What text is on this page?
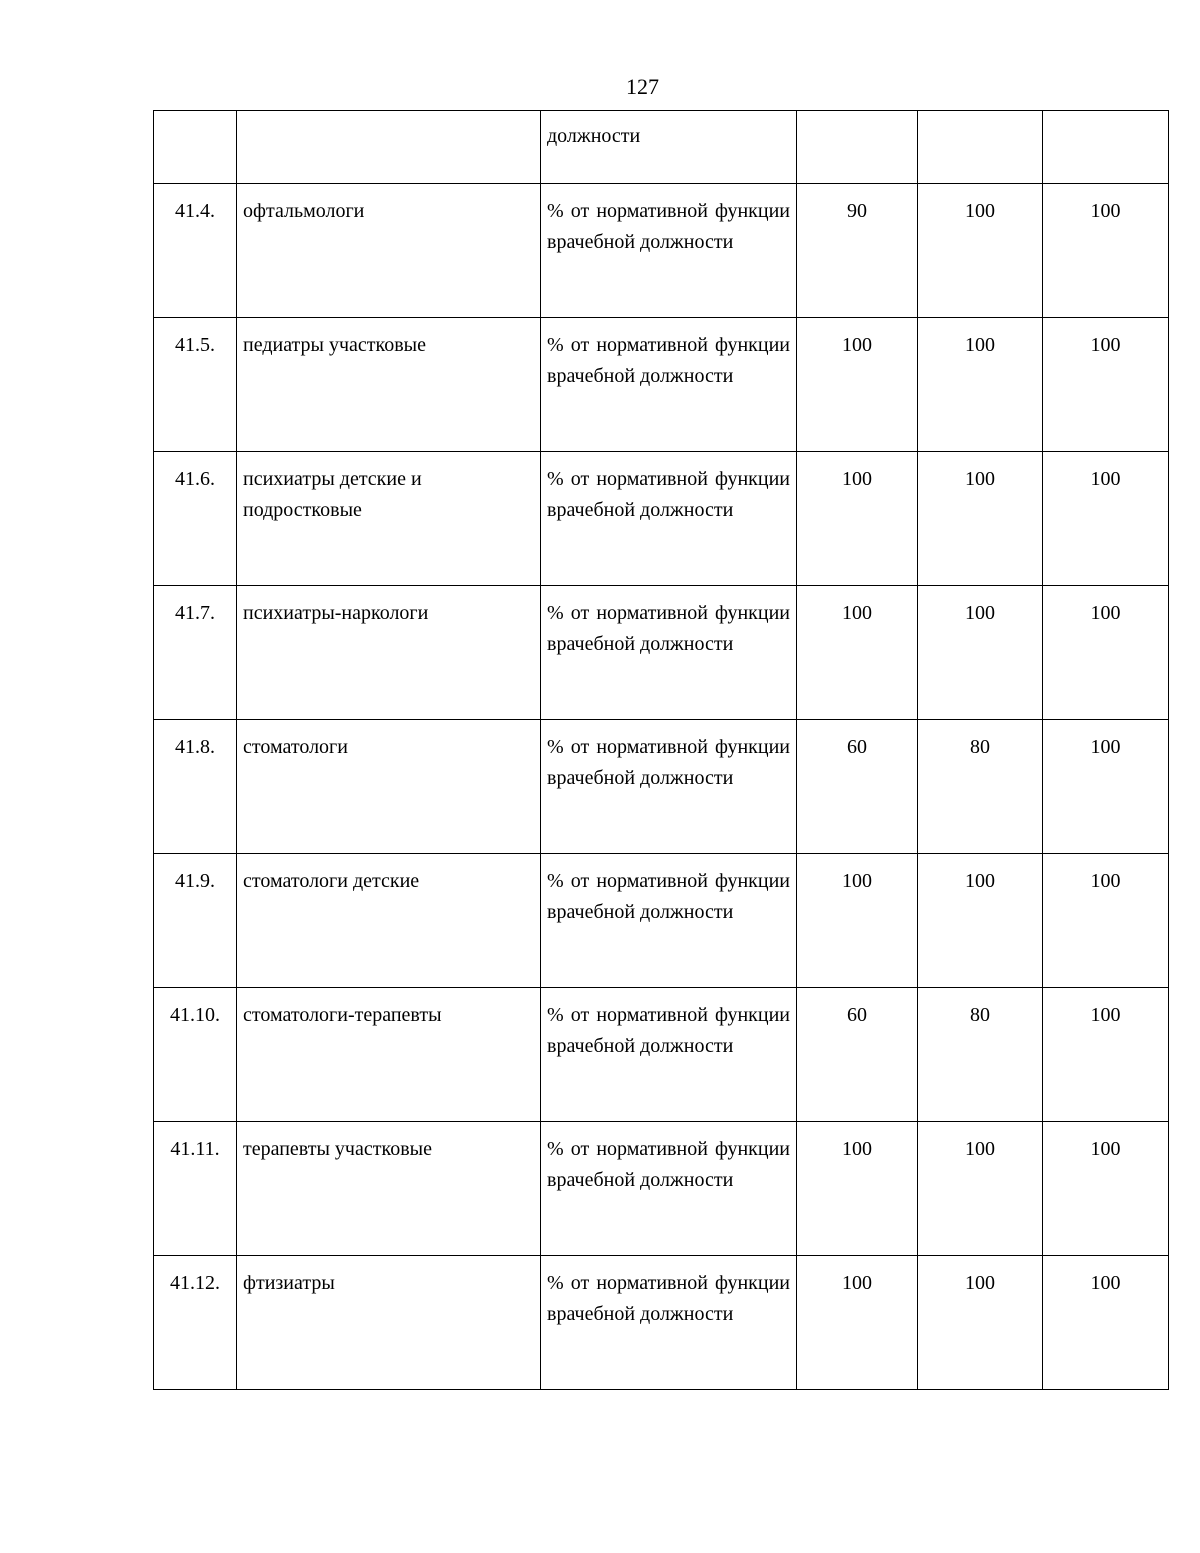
127
		должности			
41.4.	офтальмологи	% от нормативной функции врачебной должности	90	100	100
41.5.	педиатры участковые	% от нормативной функции врачебной должности	100	100	100
41.6.	психиатры детские и подростковые	% от нормативной функции врачебной должности	100	100	100
41.7.	психиатры-наркологи	% от нормативной функции врачебной должности	100	100	100
41.8.	стоматологи	% от нормативной функции врачебной должности	60	80	100
41.9.	стоматологи детские	% от нормативной функции врачебной должности	100	100	100
41.10.	стоматологи-терапевты	% от нормативной функции врачебной должности	60	80	100
41.11.	терапевты участковые	% от нормативной функции врачебной должности	100	100	100
41.12.	фтизиатры	% от нормативной функции врачебной должности	100	100	100
